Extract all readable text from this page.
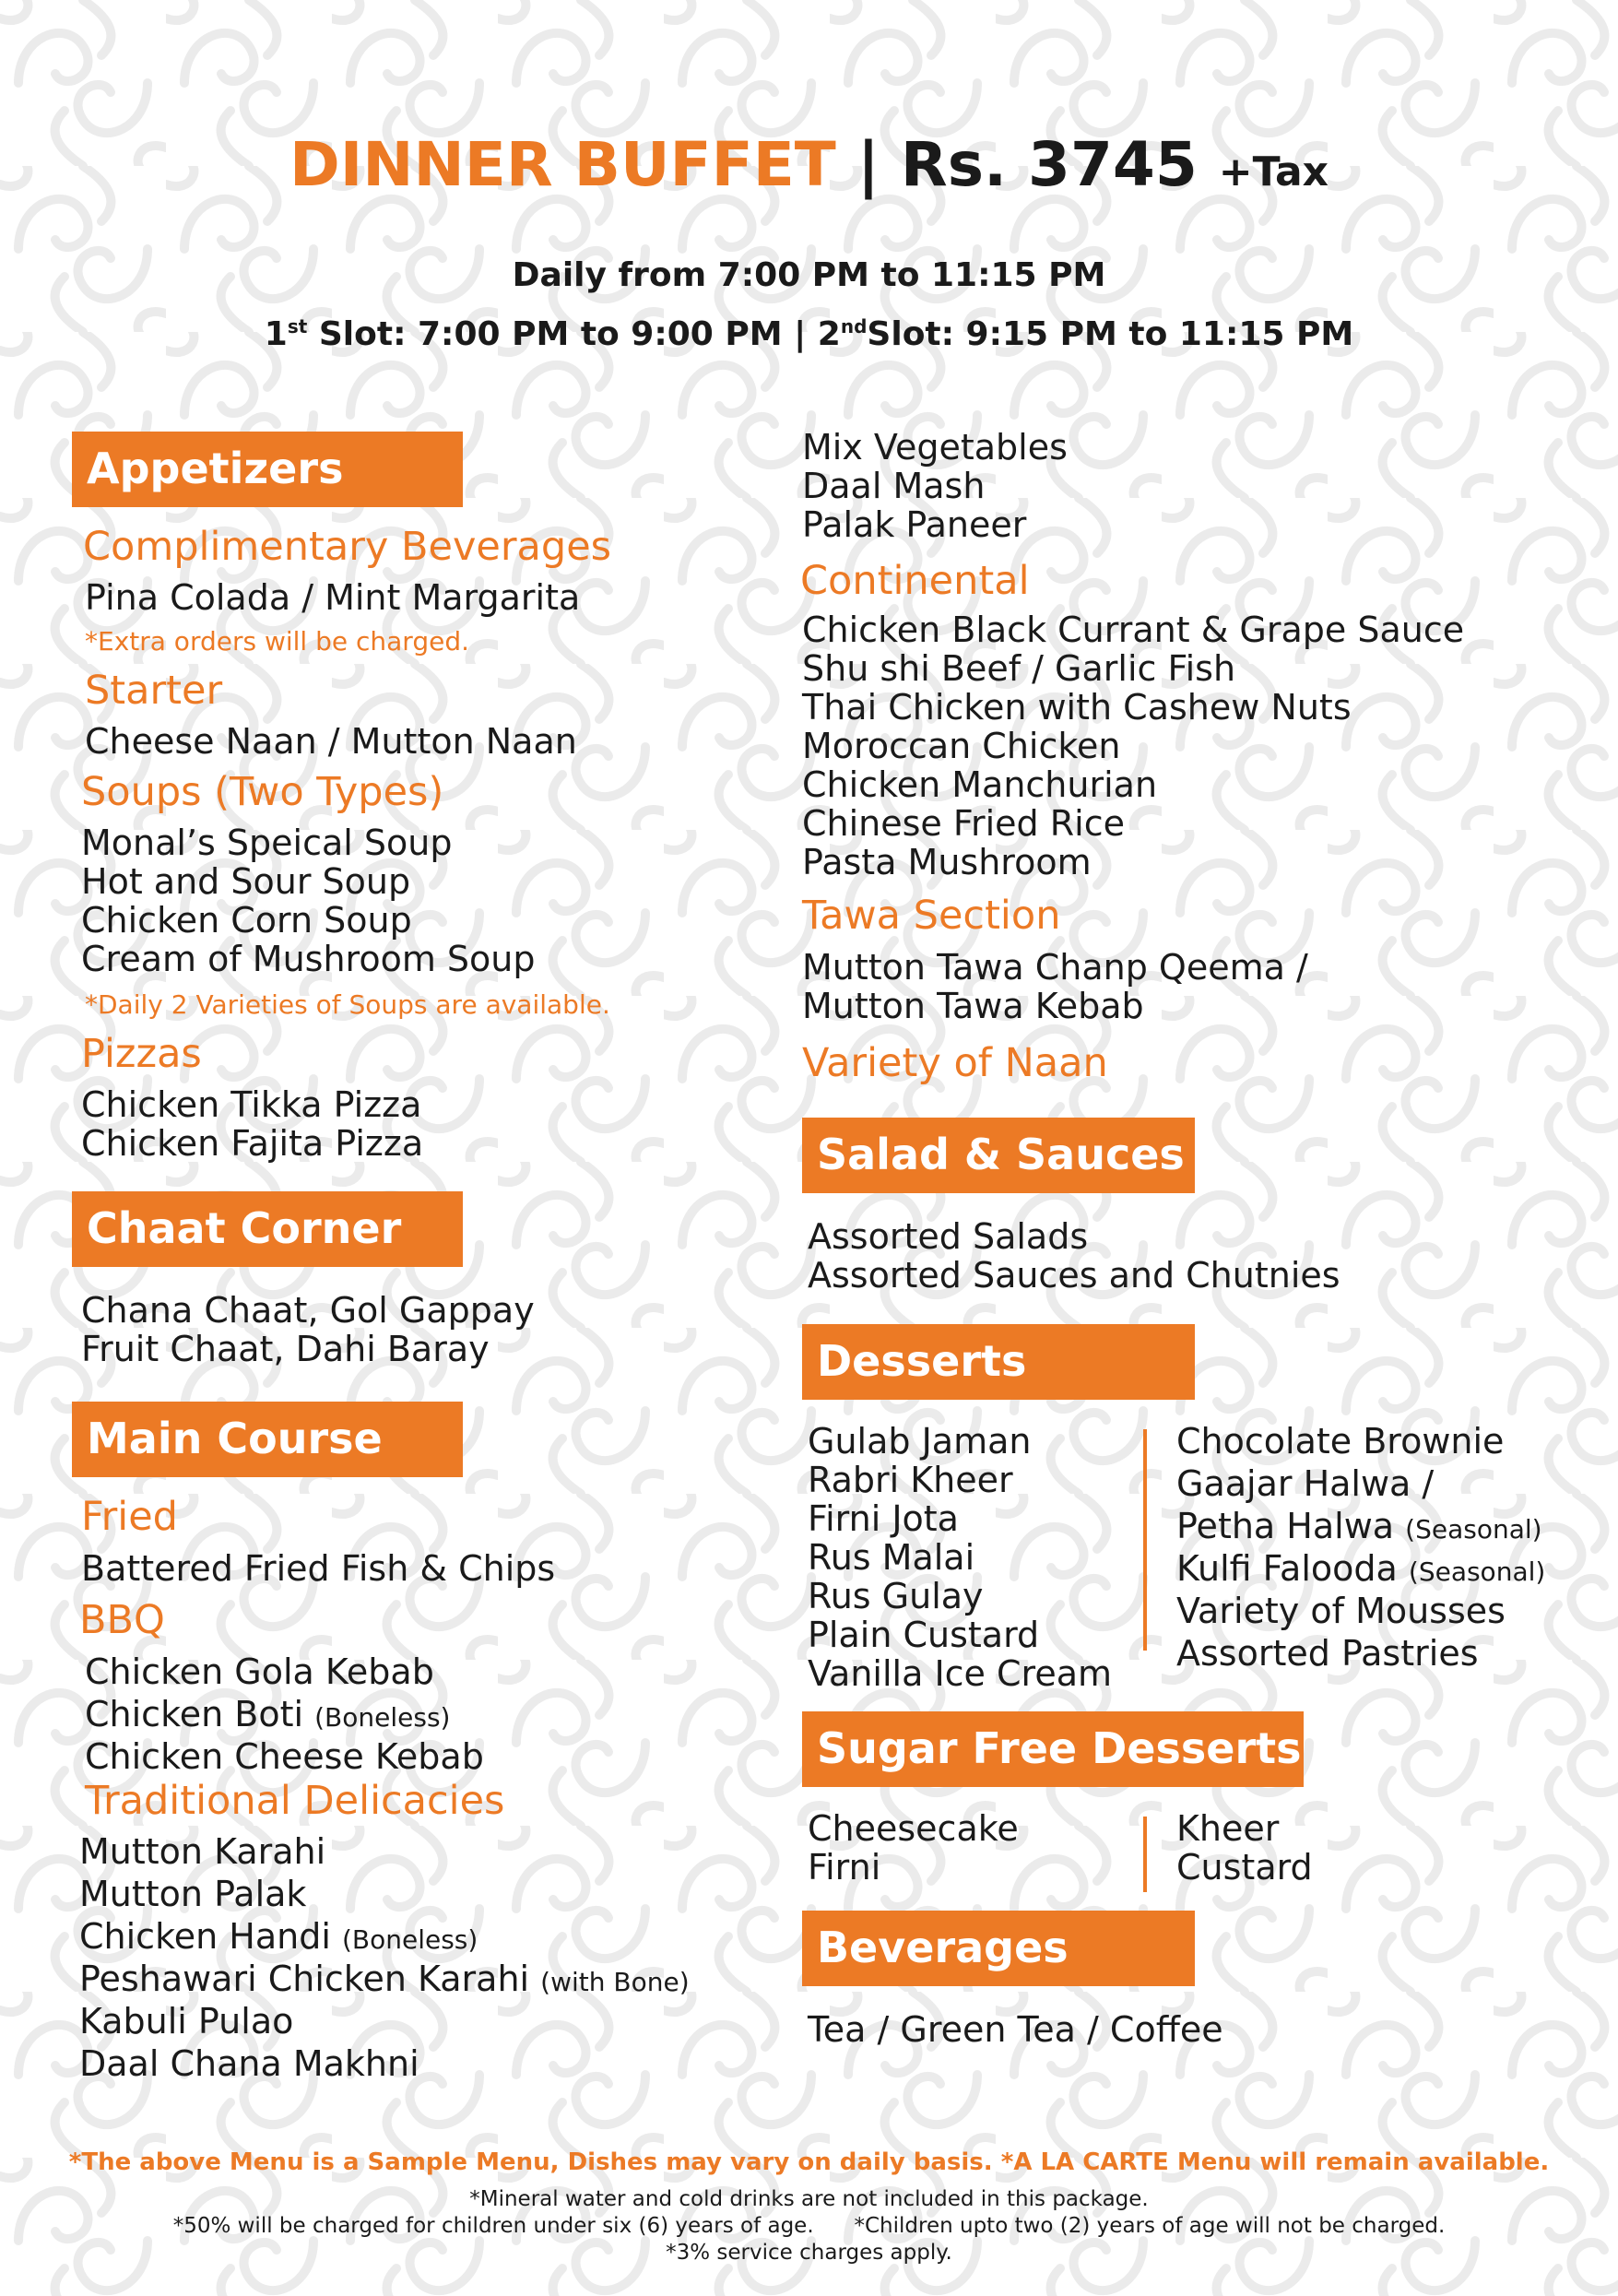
DINNER BUFFET | Rs. 3745 +Tax
Daily from 7:00 PM to 11:15 PM
1st Slot: 7:00 PM to 9:00 PM | 2ndSlot: 9:15 PM to 11:15 PM
Appetizers
Complimentary Beverages
Pina Colada / Mint Margarita
*Extra orders will be charged.
Starter
Cheese Naan / Mutton Naan
Soups (Two Types)
Monal’s Speical Soup
Hot and Sour Soup
Chicken Corn Soup
Cream of Mushroom Soup
*Daily 2 Varieties of Soups are available.
Pizzas
Chicken Tikka Pizza
Chicken Fajita Pizza
Chaat Corner
Chana Chaat, Gol Gappay
Fruit Chaat, Dahi Baray
Main Course
Fried
Battered Fried Fish & Chips
BBQ
Chicken Gola Kebab
Chicken Boti (Boneless)
Chicken Cheese Kebab
Traditional Delicacies
Mutton Karahi
Mutton Palak
Chicken Handi (Boneless)
Peshawari Chicken Karahi (with Bone)
Kabuli Pulao
Daal Chana Makhni
Mix Vegetables
Daal Mash
Palak Paneer
Continental
Chicken Black Currant & Grape Sauce
Shu shi Beef / Garlic Fish
Thai Chicken with Cashew Nuts
Moroccan Chicken
Chicken Manchurian
Chinese Fried Rice
Pasta Mushroom
Tawa Section
Mutton Tawa Chanp Qeema /
Mutton Tawa Kebab
Variety of Naan
Salad & Sauces
Assorted Salads
Assorted Sauces and Chutnies
Desserts
Gulab Jaman
Rabri Kheer
Firni Jota
Rus Malai
Rus Gulay
Plain Custard
Vanilla Ice Cream
Chocolate Brownie
Gaajar Halwa /
Petha Halwa (Seasonal)
Kulfi Falooda (Seasonal)
Variety of Mousses
Assorted Pastries
Sugar Free Desserts
Cheesecake
Firni
Kheer
Custard
Beverages
Tea / Green Tea / Coffee
*The above Menu is a Sample Menu, Dishes may vary on daily basis. *A LA CARTE Menu will remain available.
*Mineral water and cold drinks are not included in this package.
*50% will be charged for children under six (6) years of age.      *Children upto two (2) years of age will not be charged.
*3% service charges apply.
